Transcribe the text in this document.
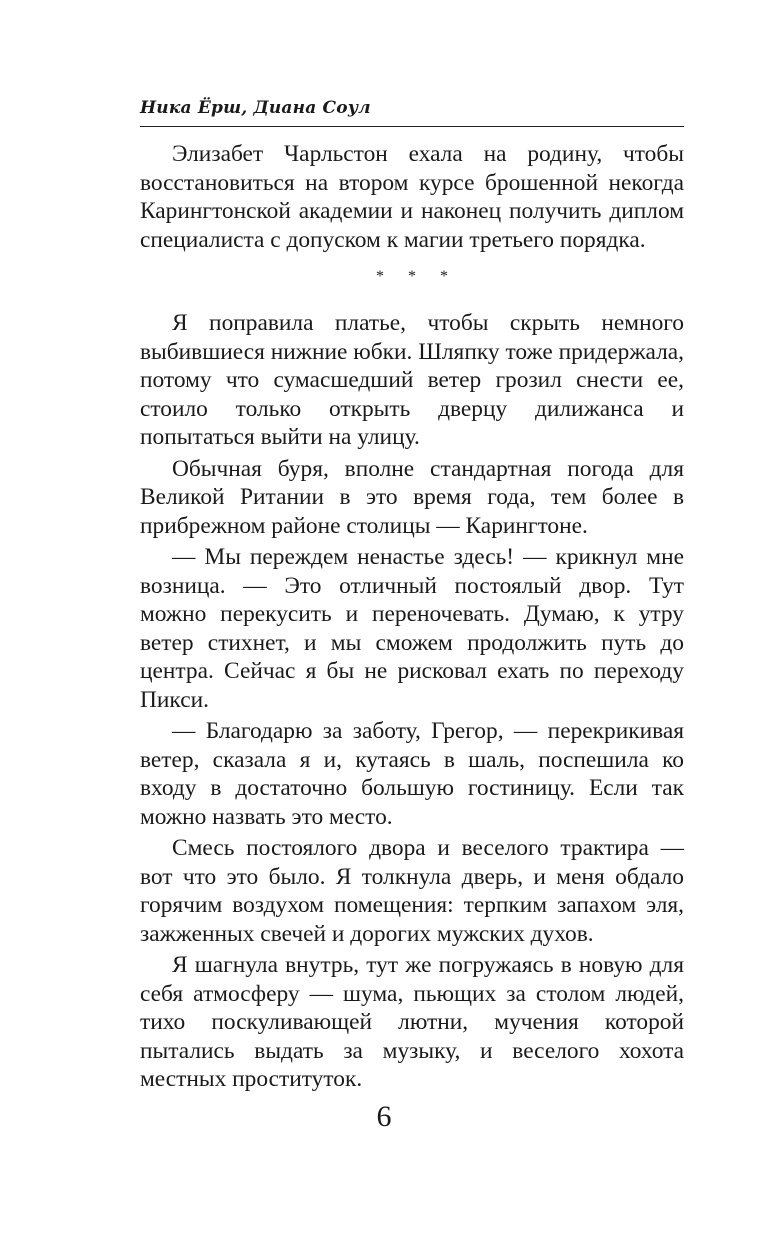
Ника Ёрш, Диана Соул

Элизабет Чарльстон ехала на родину, чтобы восстановиться на втором курсе брошенной некогда Карингтонской академии и наконец получить диплом специалиста с допуском к магии третьего порядка.

* * *

Я поправила платье, чтобы скрыть немного выбившиеся нижние юбки. Шляпку тоже придержала, потому что сумасшедший ветер грозил снести ее, стоило только открыть дверцу дилижанса и попытаться выйти на улицу.

Обычная буря, вполне стандартная погода для Великой Ритании в это время года, тем более в прибрежном районе столицы — Карингтоне.

— Мы переждем ненастье здесь! — крикнул мне возница. — Это отличный постоялый двор. Тут можно перекусить и переночевать. Думаю, к утру ветер стихнет, и мы сможем продолжить путь до центра. Сейчас я бы не рисковал ехать по переходу Пикси.

— Благодарю за заботу, Грегор, — перекрикивая ветер, сказала я и, кутаясь в шаль, поспешила ко входу в достаточно большую гостиницу. Если так можно назвать это место.

Смесь постоялого двора и веселого трактира — вот что это было. Я толкнула дверь, и меня обдало горячим воздухом помещения: терпким запахом эля, зажженных свечей и дорогих мужских духов.

Я шагнула внутрь, тут же погружаясь в новую для себя атмосферу — шума, пьющих за столом людей, тихо поскуливающей лютни, мучения которой пытались выдать за музыку, и веселого хохота местных проституток.

6
